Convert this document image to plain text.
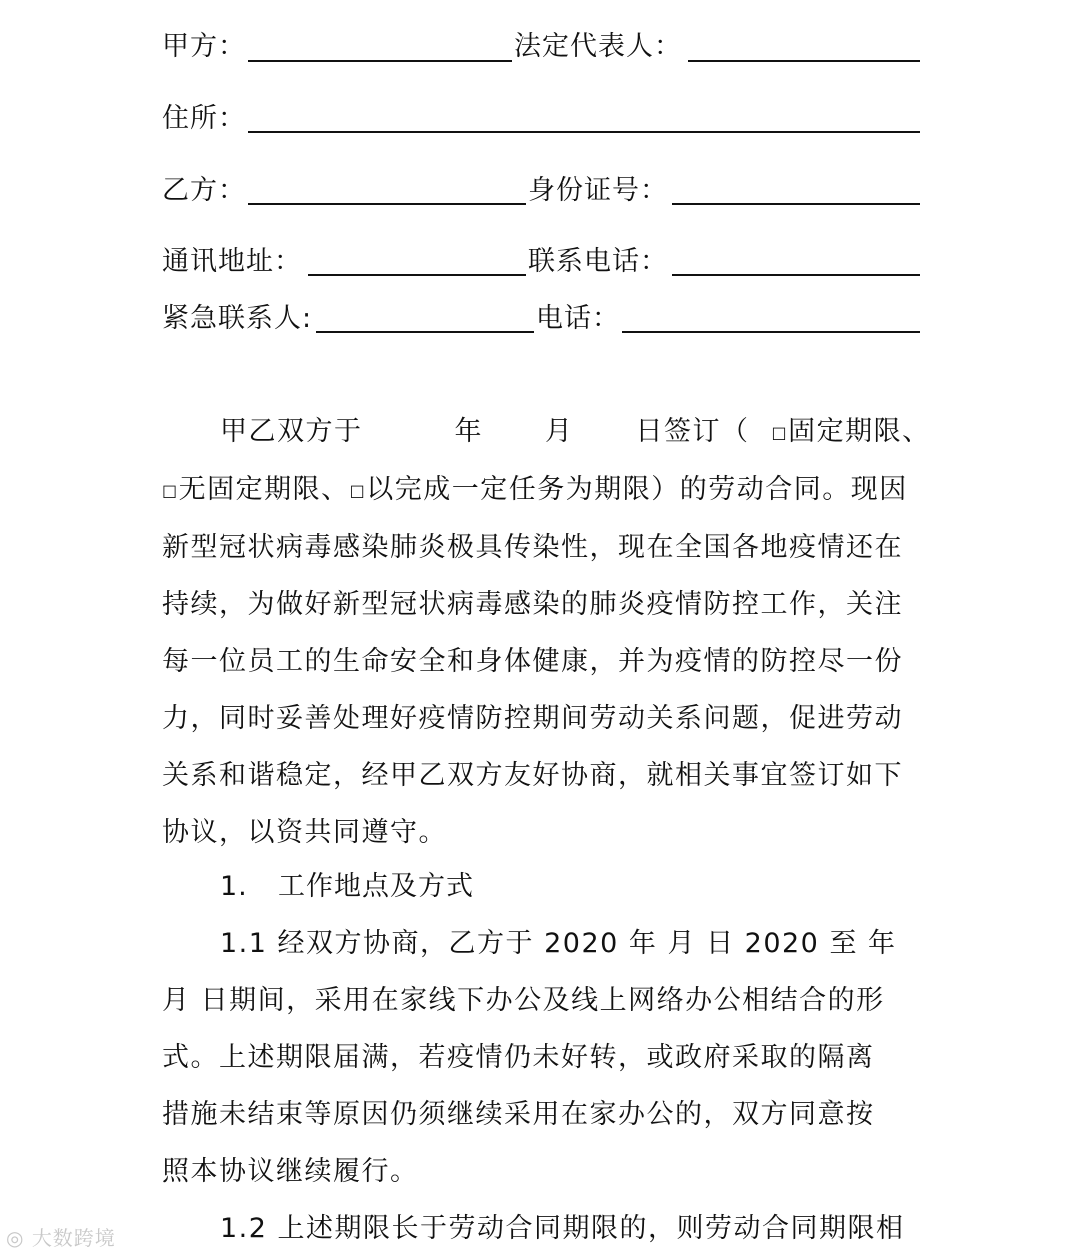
甲方：	法定代表人：
住所：
乙方：	身份证号：
通讯地址：	联系电话：
紧急联系人:	电话：
甲乙双方于	年 月 日签订（ □固定期限、
□无固定期限、□以完成一定任务为期限）的劳动合同。现因
新型冠状病毒感染肺炎极具传染性，现在全国各地疫情还在
持续，为做好新型冠状病毒感染的肺炎疫情防控工作，关注
每一位员工的生命安全和身体健康，并为疫情的防控尽一份
力，同时妥善处理好疫情防控期间劳动关系问题，促进劳动
关系和谐稳定，经甲乙双方友好协商，就相关事宜签订如下
协议，以资共同遵守。
1. 工作地点及方式
1.1 经双方协商，乙方于 2020 年 月 日 2020 至 年
月 日期间，采用在家线下办公及线上网络办公相结合的形
式。上述期限届满，若疫情仍未好转，或政府采取的隔离
措施未结束等原因仍须继续采用在家办公的，双方同意按
照本协议继续履行。
1.2 上述期限长于劳动合同期限的，则劳动合同期限相
◎ 大数跨境
